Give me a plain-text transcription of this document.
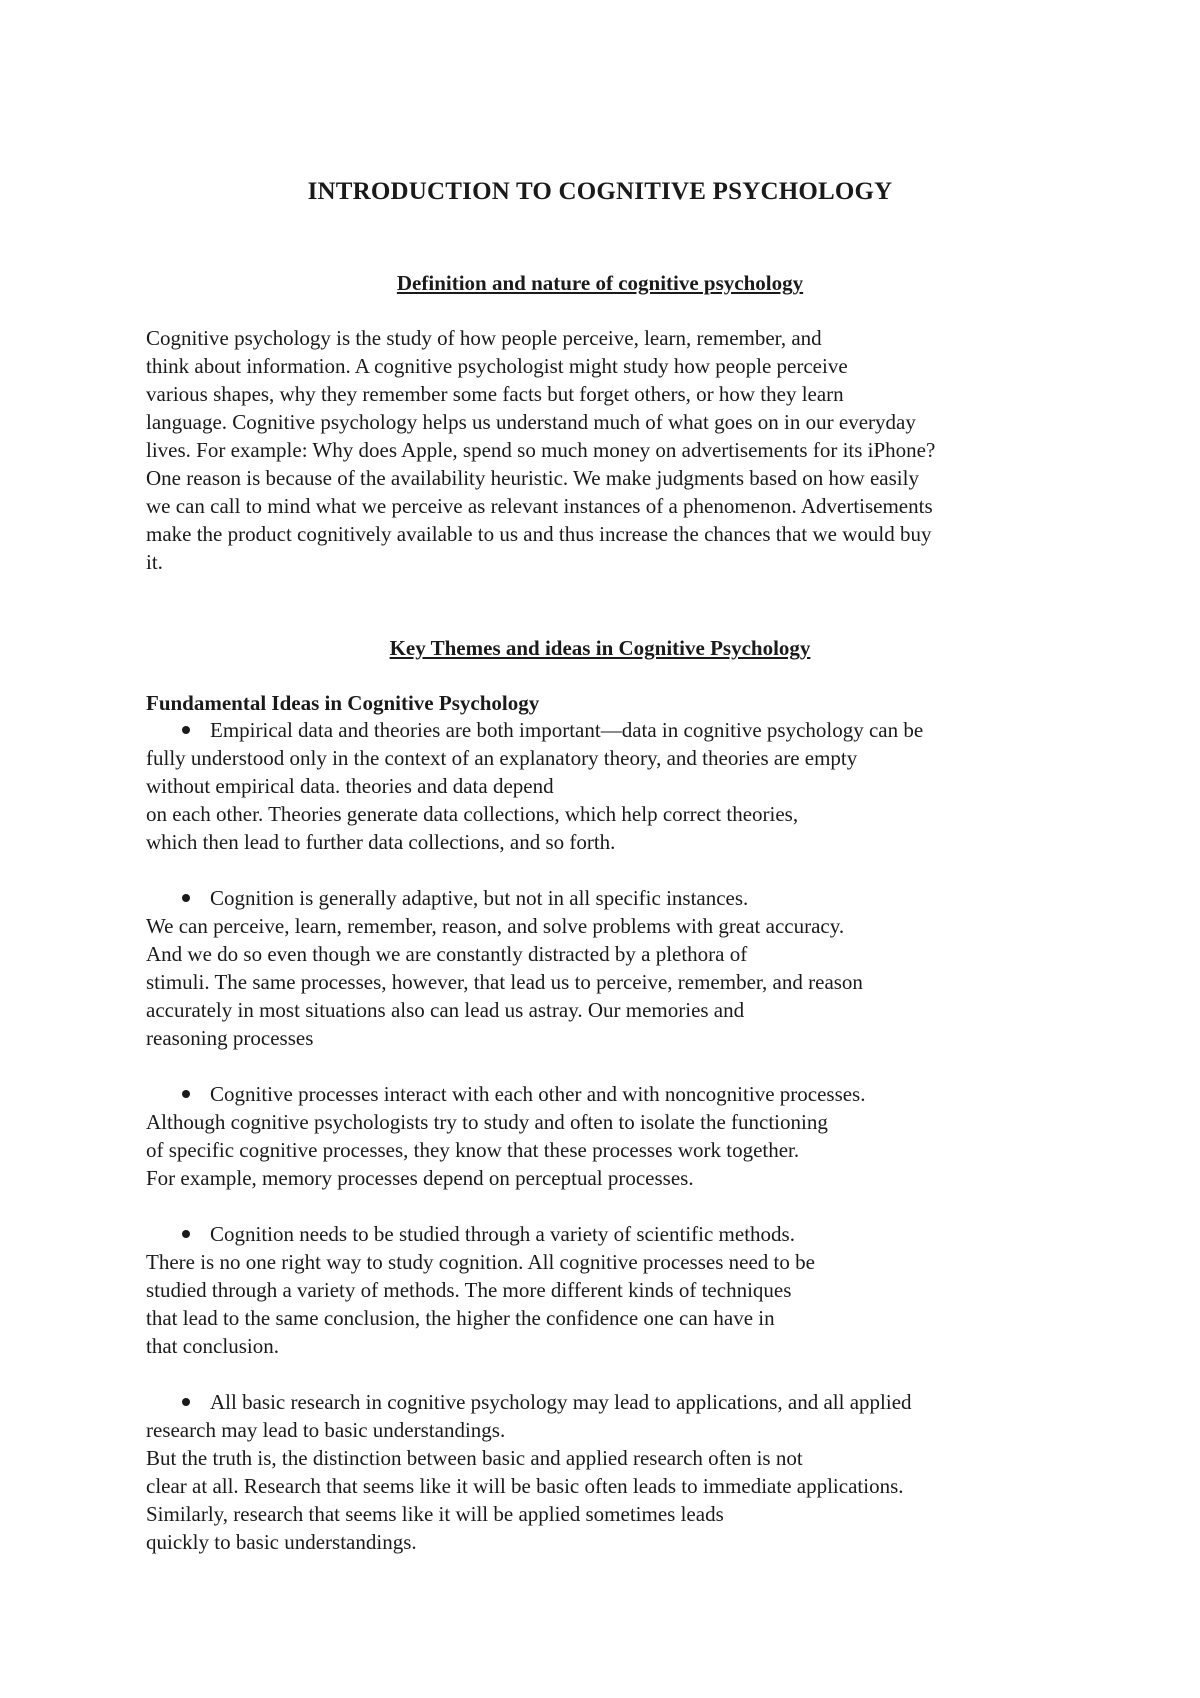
INTRODUCTION TO COGNITIVE PSYCHOLOGY
Definition and nature of cognitive psychology
Cognitive psychology is the study of how people perceive, learn, remember, and
think about information. A cognitive psychologist might study how people perceive
various shapes, why they remember some facts but forget others, or how they learn
language. Cognitive psychology helps us understand much of what goes on in our everyday
lives. For example: Why does Apple, spend so much money on advertisements for its iPhone?
One reason is because of the availability heuristic. We make judgments based on how easily
we can call to mind what we perceive as relevant instances of a phenomenon. Advertisements
make the product cognitively available to us and thus increase the chances that we would buy
it.
Key Themes and ideas in Cognitive Psychology
Fundamental Ideas in Cognitive Psychology
Empirical data and theories are both important—data in cognitive psychology can be
fully understood only in the context of an explanatory theory, and theories are empty
without empirical data. theories and data depend
on each other. Theories generate data collections, which help correct theories,
which then lead to further data collections, and so forth.
Cognition is generally adaptive, but not in all specific instances.
We can perceive, learn, remember, reason, and solve problems with great accuracy.
And we do so even though we are constantly distracted by a plethora of
stimuli. The same processes, however, that lead us to perceive, remember, and reason
accurately in most situations also can lead us astray. Our memories and
reasoning processes
Cognitive processes interact with each other and with noncognitive processes.
Although cognitive psychologists try to study and often to isolate the functioning
of specific cognitive processes, they know that these processes work together.
For example, memory processes depend on perceptual processes.
Cognition needs to be studied through a variety of scientific methods.
There is no one right way to study cognition. All cognitive processes need to be
studied through a variety of methods. The more different kinds of techniques
that lead to the same conclusion, the higher the confidence one can have in
that conclusion.
All basic research in cognitive psychology may lead to applications, and all applied
research may lead to basic understandings.
But the truth is, the distinction between basic and applied research often is not
clear at all. Research that seems like it will be basic often leads to immediate applications.
Similarly, research that seems like it will be applied sometimes leads
quickly to basic understandings.
